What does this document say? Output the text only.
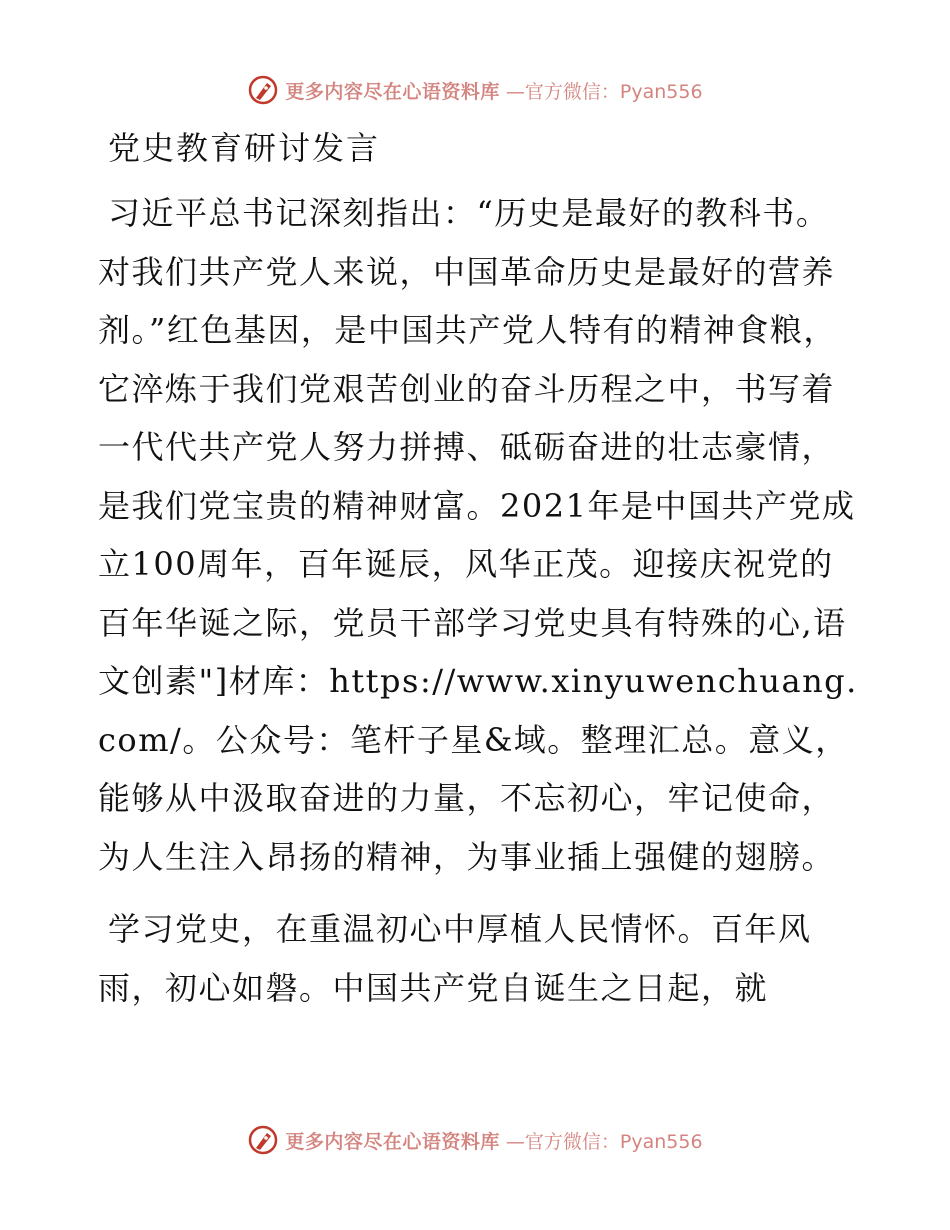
更多内容尽在心语资料库 —官方微信：Pyan556
党史教育研讨发言

习近平总书记深刻指出：“历史是最好的教科书。对我们共产党人来说，中国革命历史是最好的营养剂。”红色基因，是中国共产党人特有的精神食粮，它淬炼于我们党艰苦创业的奋斗历程之中，书写着一代代共产党人努力拼搏、砥砺奋进的壮志豪情，是我们党宝贵的精神财富。2021年是中国共产党成立100周年，百年诞辰，风华正茂。迎接庆祝党的百年华诞之际，党员干部学习党史具有特殊的心,语文创素"]材库：https://www.xinyuwenchuang.com/。公众号：笔杆子星&域。整理汇总。意义，能够从中汲取奋进的力量，不忘初心，牢记使命，为人生注入昂扬的精神，为事业插上强健的翅膀。

学习党史，在重温初心中厚植人民情怀。百年风雨，初心如磐。中国共产党自诞生之日起，就

更多内容尽在心语资料库 —官方微信：Pyan556
